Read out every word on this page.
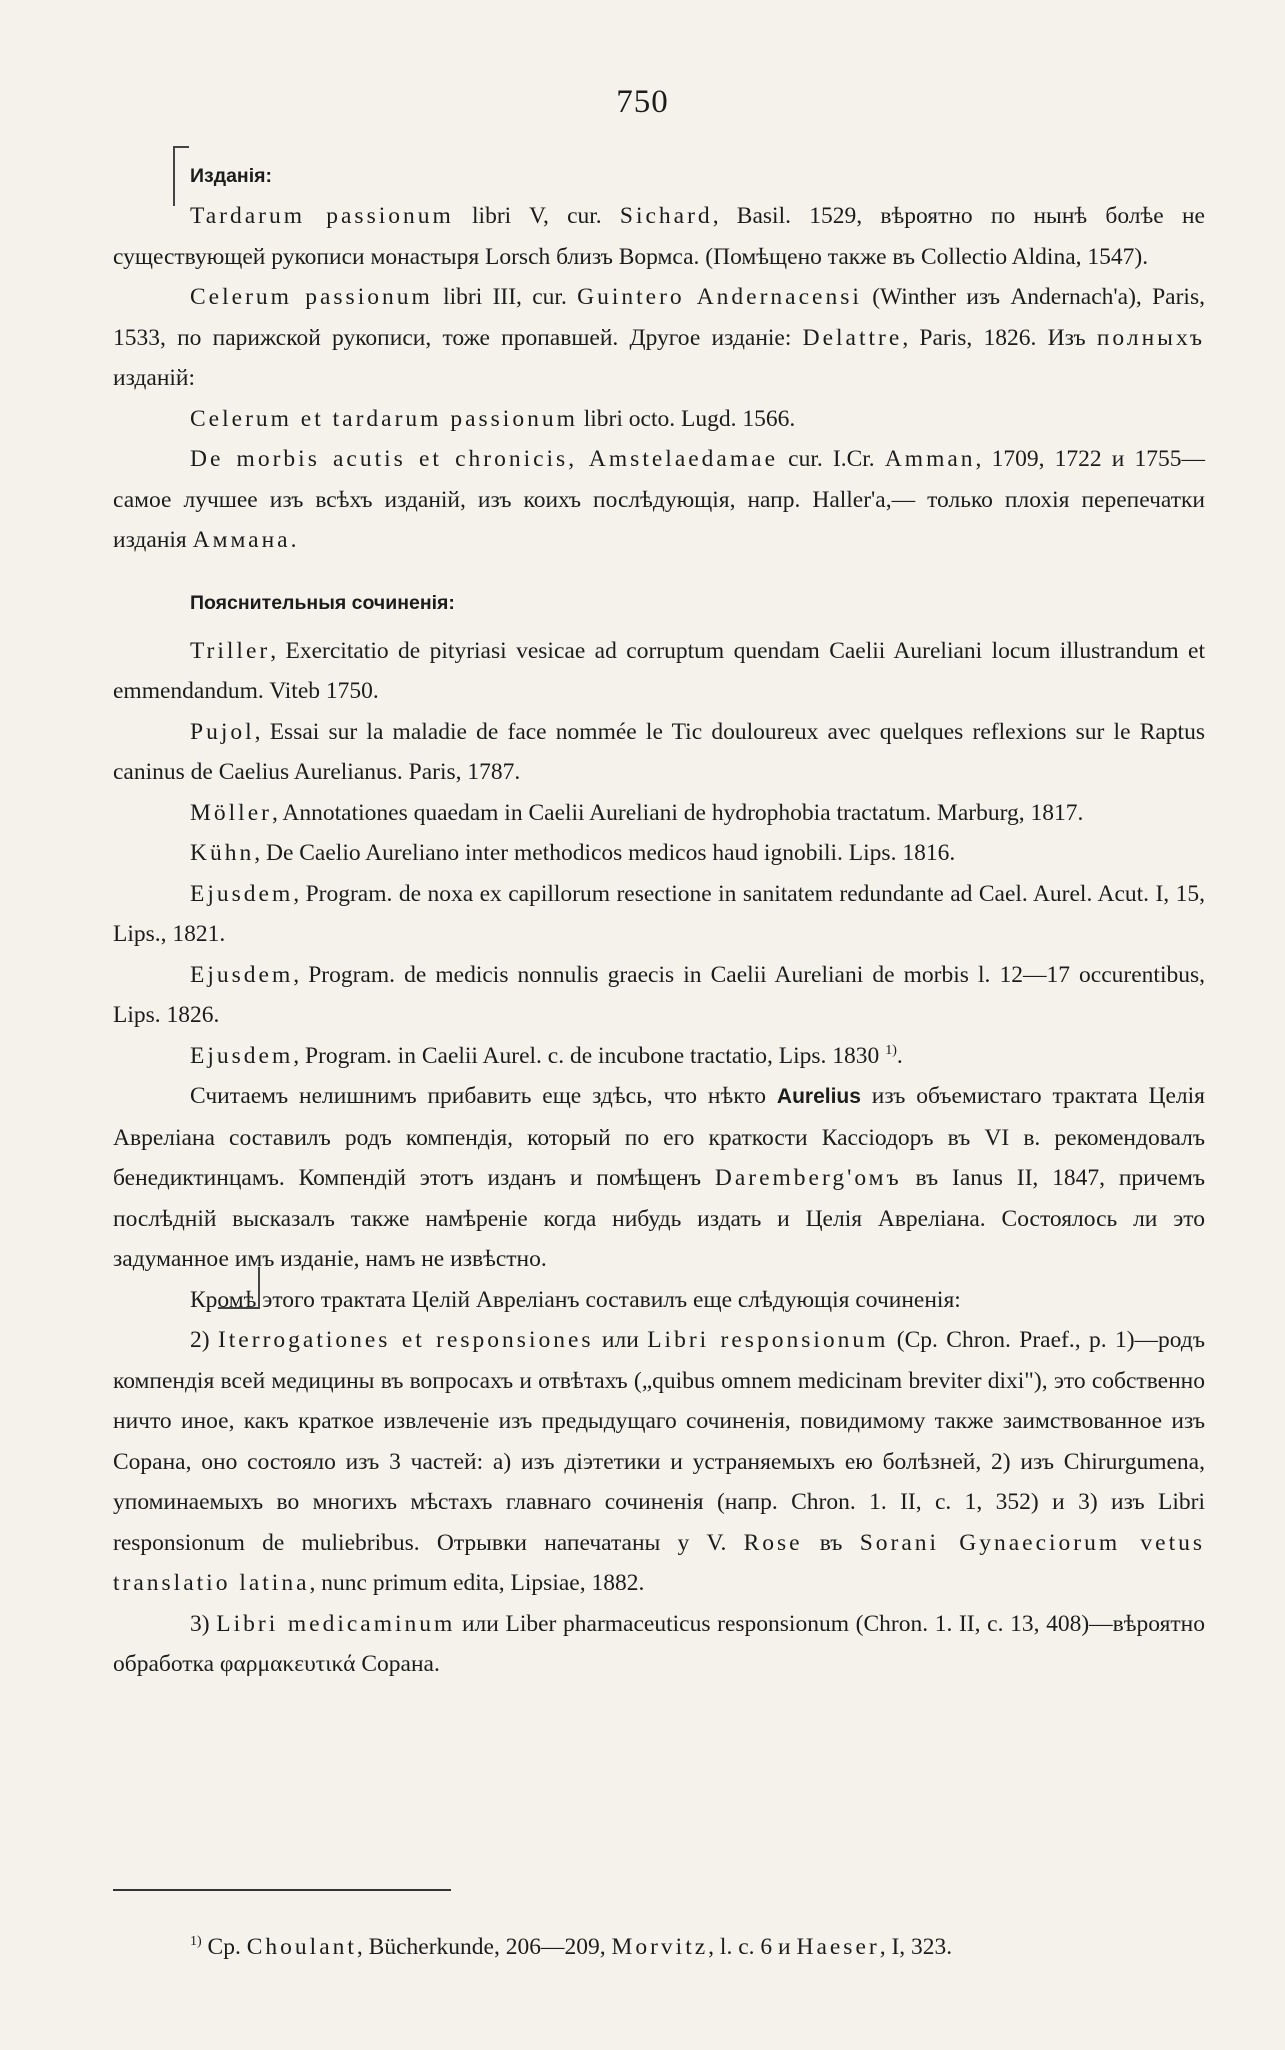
750

Изданія:

Tardarum passionum libri V, cur. Sichard, Basil. 1529, вѣроятно по нынѣ болѣе не существующей рукописи монастыря Lorsch близъ Вормса. (Помѣщено также въ Collectio Aldina, 1547).

Celerum passionum libri III, cur. Guintero Andernacensi (Winther изъ Andernach'а), Paris, 1533, по парижской рукописи, тоже пропавшей. Другое изданіе: Delattre, Paris, 1826. Изъ полныхъ изданій:

Celerum et tardarum passionum libri octo. Lugd. 1566.

De morbis acutis et chronicis, Amstelaedamae cur. I.Cr. Amman, 1709, 1722 и 1755—самое лучшее изъ всѣхъ изданій, изъ коихъ послѣдующія, напр. Haller'а,— только плохія перепечатки изданія Аммана.

Пояснительныя сочиненія:

Triller, Exercitatio de pityriasi vesicae ad corruptum quendam Caelii Aureliani locum illustrandum et emmendandum. Viteb 1750.

Pujol, Essai sur la maladie de face nommée le Tic douloureux avec quelques reflexions sur le Raptus caninus de Caelius Aurelianus. Paris, 1787.

Möller, Annotationes quaedam in Caelii Aureliani de hydrophobia tractatum. Marburg, 1817.

Kühn, De Caelio Aureliano inter methodicos medicos haud ignobili. Lips. 1816.

Ejusdem, Program. de noxa ex capillorum resectione in sanitatem redundante ad Cael. Aurel. Acut. I, 15, Lips., 1821.

Ejusdem, Program. de medicis nonnulis graecis in Caelii Aureliani de morbis l. 12—17 occurentibus, Lips. 1826.

Ejusdem, Program. in Caelii Aurel. c. de incubone tractatio, Lips. 1830 $^{1)}$.

Считаемъ нелишнимъ прибавить еще здѣсь, что нѣкто Aurelius изъ объемистаго трактата Целія Авреліана составилъ родъ компендія, который по его краткости Кассіодоръ въ VI в. рекомендовалъ бенедиктинцамъ. Компендій этотъ изданъ и помѣщенъ Daremberg'омъ въ Ianus II, 1847, причемъ послѣдній высказалъ также намѣреніе когда нибудь издать и Целія Авреліана. Состоялось ли это задуманное имъ изданіе, намъ не извѣстно.

Кромѣ этого трактата Целій Авреліанъ составилъ еще слѣдующія сочиненія:

2) Iterrogationes et responsiones или Libri responsionum (Cp. Chron. Praef., p. 1)—родъ компендія всей медицины въ вопросахъ и отвѣтахъ („quibus omnem medicinam breviter dixi"), это собственно ничто иное, какъ краткое извлеченіе изъ предыдущаго сочиненія, повидимому также заимствованное изъ Сорана, оно состояло изъ 3 частей: а) изъ діэтетики и устраняемыхъ ею болѣзней, 2) изъ Chirurgumena, упоминаемыхъ во многихъ мѣстахъ главнаго сочиненія (напр. Chron. 1. II, c. 1, 352) и 3) изъ Libri responsionum de muliebribus. Отрывки напечатаны у V. Rose въ Sorani Gynaeciorum vetus translatio latina, nunc primum edita, Lipsiae, 1882.

3) Libri medicaminum или Liber pharmaceuticus responsionum (Chron. 1. II, c. 13, 408)—вѣроятно обработка φαρμακευτικά Сорана.

$^{1)}$ Cp. Choulant, Bücherkunde, 206—209, Morvitz, l. c. 6 и Haeser, I, 323.
